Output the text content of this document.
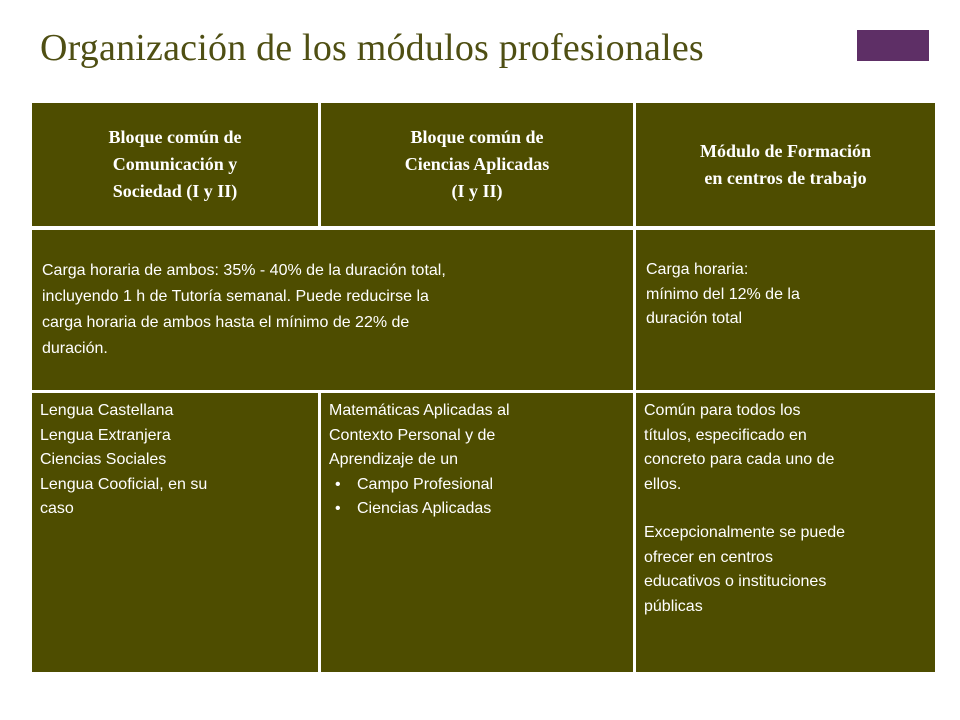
Organización de los módulos profesionales
Bloque común de
Comunicación y
Sociedad (I y II)
Bloque común de
Ciencias Aplicadas
(I y II)
Módulo de Formación
en centros de trabajo
Carga horaria de ambos: 35% - 40% de la duración total,
incluyendo 1 h de Tutoría semanal. Puede reducirse la
carga horaria de ambos hasta el mínimo de 22% de
duración.
Carga horaria:
mínimo del 12% de la
duración total
Lengua Castellana
Lengua Extranjera
Ciencias Sociales
Lengua Cooficial, en su
caso
Matemáticas Aplicadas al
Contexto Personal y de
Aprendizaje de un
• Campo Profesional
• Ciencias Aplicadas
Común para todos los
títulos, especificado en
concreto para cada uno de
ellos.
Excepcionalmente se puede
ofrecer en centros
educativos o instituciones
públicas
